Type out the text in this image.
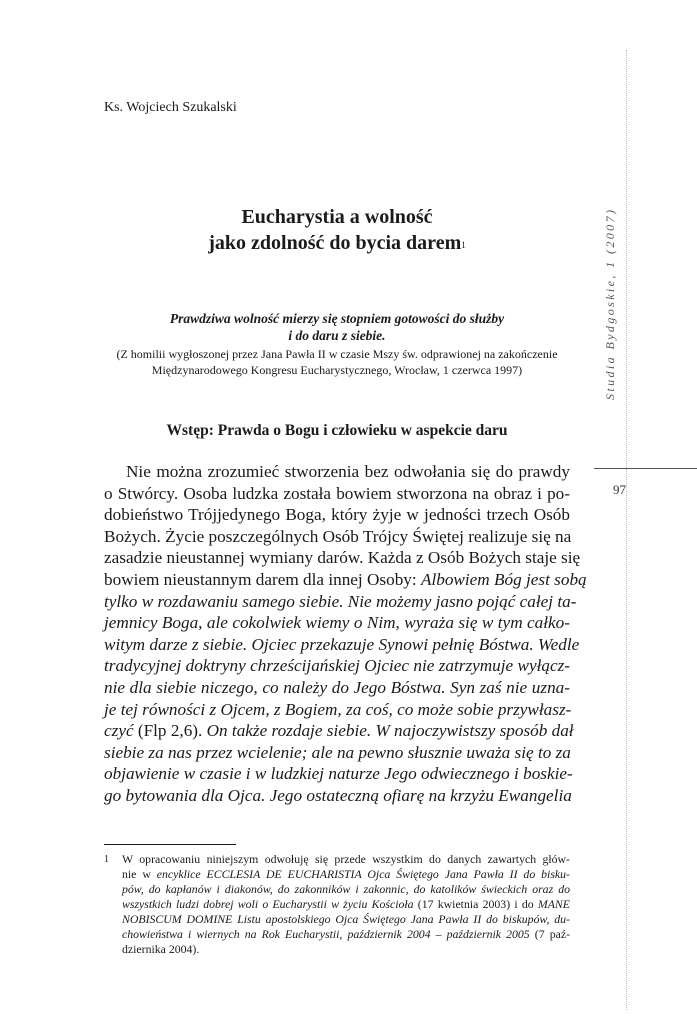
Ks. Wojciech Szukalski
Eucharystia a wolność
jako zdolność do bycia darem$^1$
Prawdziwa wolność mierzy się stopniem gotowości do służby
i do daru z siebie.
(Z homilii wygłoszonej przez Jana Pawła II w czasie Mszy św. odprawionej na zakończenie
Międzynarodowego Kongresu Eucharystycznego, Wrocław, 1 czerwca 1997)
Wstęp: Prawda o Bogu i człowieku w aspekcie daru
Nie można zrozumieć stworzenia bez odwołania się do prawdy
o Stwórcy. Osoba ludzka została bowiem stworzona na obraz i po-
dobieństwo Trójjedynego Boga, który żyje w jedności trzech Osób
Bożych. Życie poszczególnych Osób Trójcy Świętej realizuje się na
zasadzie nieustannej wymiany darów. Każda z Osób Bożych staje się
bowiem nieustannym darem dla innej Osoby: Albowiem Bóg jest sobą
tylko w rozdawaniu samego siebie. Nie możemy jasno pojąć całej ta-
jemnicy Boga, ale cokolwiek wiemy o Nim, wyraża się w tym całko-
witym darze z siebie. Ojciec przekazuje Synowi pełnię Bóstwa. Wedle
tradycyjnej doktryny chrześcijańskiej Ojciec nie zatrzymuje wyłącz-
nie dla siebie niczego, co należy do Jego Bóstwa. Syn zaś nie uzna-
je tej równości z Ojcem, z Bogiem, za coś, co może sobie przywłasz-
czyć (Flp 2,6). On także rozdaje siebie. W najoczywistszy sposób dał
siebie za nas przez wcielenie; ale na pewno słusznie uważa się to za
objawienie w czasie i w ludzkiej naturze Jego odwiecznego i boskie-
go bytowania dla Ojca. Jego ostateczną ofiarę na krzyżu Ewangelia
1 W opracowaniu niniejszym odwołuję się przede wszystkim do danych zawartych głów-
nie w encyklice ECCLESIA DE EUCHARISTIA Ojca Świętego Jana Pawła II do bisku-
pów, do kapłanów i diakonów, do zakonników i zakonnic, do katolików świeckich oraz do
wszystkich ludzi dobrej woli o Eucharystii w życiu Kościoła (17 kwietnia 2003) i do MANE
NOBISCUM DOMINE Listu apostolskiego Ojca Świętego Jana Pawła II do biskupów, du-
chowieństwa i wiernych na Rok Eucharystii, październik 2004 – październik 2005 (7 paź-
dziernika 2004).
Studia Bydgoskie, 1 (2007)
97
